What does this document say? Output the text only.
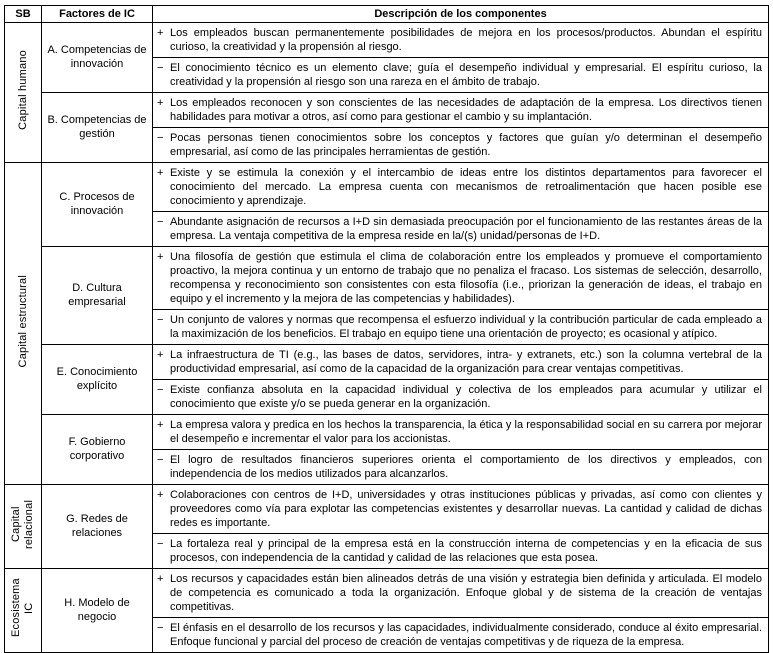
SB	Factores de IC	Descripción de los componentes
Capital humano	A. Competencias de innovación	+ Los empleados buscan permanentemente posibilidades de mejora en los procesos/productos. Abundan el espíritu curioso, la creatividad y la propensión al riesgo.

		− El conocimiento técnico es un elemento clave; guía el desempeño individual y empresarial. El espíritu curioso, la creatividad y la propensión al riesgo son una rareza en el ámbito de trabajo.

	B. Competencias de gestión	+ Los empleados reconocen y son conscientes de las necesidades de adaptación de la empresa. Los directivos tienen habilidades para motivar a otros, así como para gestionar el cambio y su implantación.

		− Pocas personas tienen conocimientos sobre los conceptos y factores que guían y/o determinan el desempeño empresarial, así como de las principales herramientas de gestión.

Capital estructural	C. Procesos de innovación	+ Existe y se estimula la conexión y el intercambio de ideas entre los distintos departamentos para favorecer el conocimiento del mercado. La empresa cuenta con mecanismos de retroalimentación que hacen posible ese conocimiento y aprendizaje.

		− Abundante asignación de recursos a I+D sin demasiada preocupación por el funcionamiento de las restantes áreas de la empresa. La ventaja competitiva de la empresa reside en la/(s) unidad/personas de I+D.

	D. Cultura empresarial	+ Una filosofía de gestión que estimula el clima de colaboración entre los empleados y promueve el comportamiento proactivo, la mejora continua y un entorno de trabajo que no penaliza el fracaso. Los sistemas de selección, desarrollo, recompensa y reconocimiento son consistentes con esta filosofía (i.e., priorizan la generación de ideas, el trabajo en equipo y el incremento y la mejora de las competencias y habilidades).

		− Un conjunto de valores y normas que recompensa el esfuerzo individual y la contribución particular de cada empleado a la maximización de los beneficios. El trabajo en equipo tiene una orientación de proyecto; es ocasional y atípico.

	E. Conocimiento explícito	+ La infraestructura de TI (e.g., las bases de datos, servidores, intra- y extranets, etc.) son la columna vertebral de la productividad empresarial, así como de la capacidad de la organización para crear ventajas competitivas.

		− Existe confianza absoluta en la capacidad individual y colectiva de los empleados para acumular y utilizar el conocimiento que existe y/o se pueda generar en la organización.

	F. Gobierno corporativo	+ La empresa valora y predica en los hechos la transparencia, la ética y la responsabilidad social en su carrera por mejorar el desempeño e incrementar el valor para los accionistas.

		− El logro de resultados financieros superiores orienta el comportamiento de los directivos y empleados, con independencia de los medios utilizados para alcanzarlos.

Capital relacional	G. Redes de relaciones	+ Colaboraciones con centros de I+D, universidades y otras instituciones públicas y privadas, así como con clientes y proveedores como vía para explotar las competencias existentes y desarrollar nuevas. La cantidad y calidad de dichas redes es importante.

		− La fortaleza real y principal de la empresa está en la construcción interna de competencias y en la eficacia de sus procesos, con independencia de la cantidad y calidad de las relaciones que esta posea.

Ecosistema IC	H. Modelo de negocio	+ Los recursos y capacidades están bien alineados detrás de una visión y estrategia bien definida y articulada. El modelo de competencia es comunicado a toda la organización. Enfoque global y de sistema de la creación de ventajas competitivas.

		− El énfasis en el desarrollo de los recursos y las capacidades, individualmente considerado, conduce al éxito empresarial. Enfoque funcional y parcial del proceso de creación de ventajas competitivas y de riqueza de la empresa.
